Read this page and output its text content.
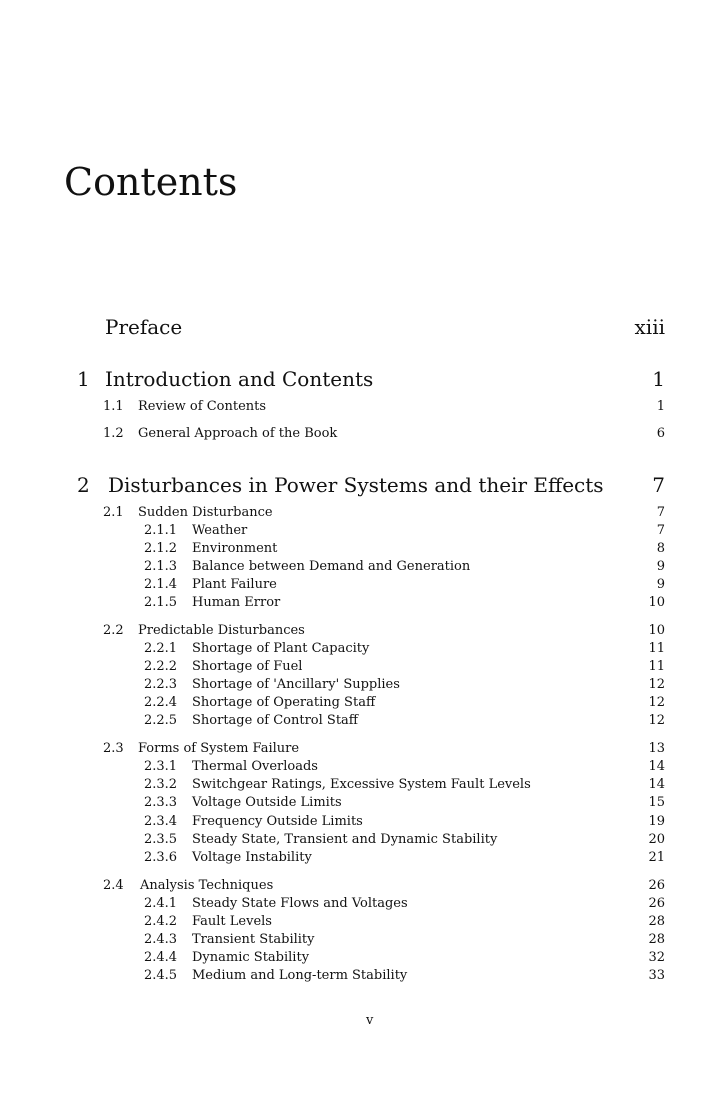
Contents
Preface	xiii
1 Introduction and Contents	1
1.1 Review of Contents	1
1.2 General Approach of the Book	6
2 Disturbances in Power Systems and their Effects 7
2.1 Sudden Disturbance	7
2.1.1 Weather	7
2.1.2 Environment	8
2.1.3 Balance between Demand and Generation	9
2.1.4 Plant Failure	9
2.1.5 Human Error	10
2.2 Predictable Disturbances	10
2.2.1 Shortage of Plant Capacity	11
2.2.2 Shortage of Fuel	11
2.2.3 Shortage of 'Ancillary' Supplies	12
2.2.4 Shortage of Operating Staff	12
2.2.5 Shortage of Control Staff	12
2.3 Forms of System Failure	13
2.3.1 Thermal Overloads	14
2.3.2 Switchgear Ratings, Excessive System Fault Levels	14
2.3.3 Voltage Outside Limits	15
2.3.4 Frequency Outside Limits	19
2.3.5 Steady State, Transient and Dynamic Stability	20
2.3.6 Voltage Instability	21
2.4 Analysis Techniques	26
2.4.1 Steady State Flows and Voltages	26
2.4.2 Fault Levels	28
2.4.3 Transient Stability	28
2.4.4 Dynamic Stability	32
2.4.5 Medium and Long-term Stability	33
v
